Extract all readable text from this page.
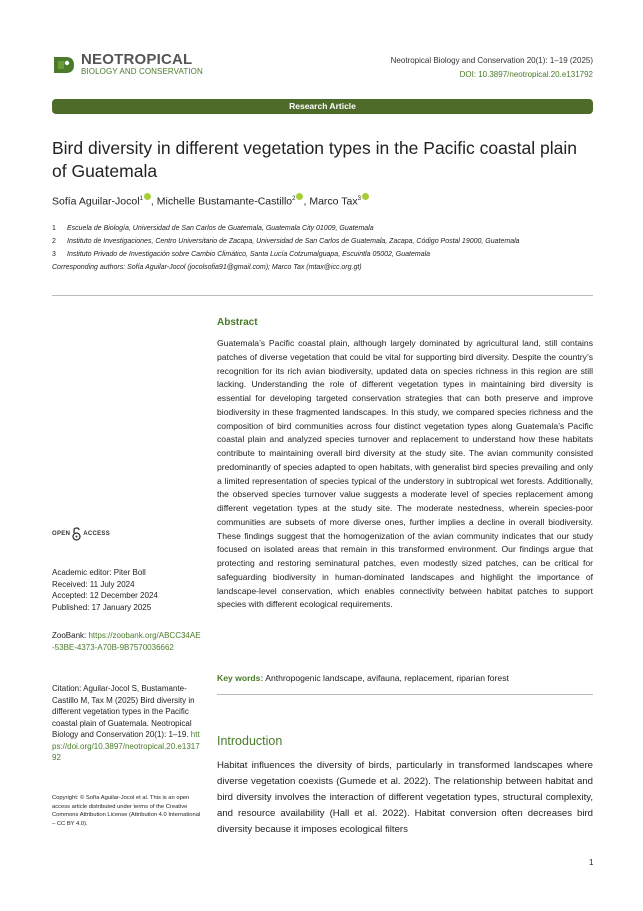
NEOTROPICAL
BIOLOGY AND CONSERVATION
Neotropical Biology and Conservation 20(1): 1–19 (2025)
DOI: 10.3897/neotropical.20.e131792
Research Article
Bird diversity in different vegetation types in the Pacific coastal plain of Guatemala
Sofía Aguilar-Jocol$^1$ , Michelle Bustamante-Castillo$^2$ , Marco Tax$^3$
1 Escuela de Biología, Universidad de San Carlos de Guatemala, Guatemala City 01009, Guatemala
2 Instituto de Investigaciones, Centro Universitario de Zacapa, Universidad de San Carlos de Guatemala, Zacapa, Código Postal 19000, Guatemala
3 Instituto Privado de Investigación sobre Cambio Climático, Santa Lucía Cotzumalguapa, Escuintla 05002, Guatemala
Corresponding authors: Sofía Aguilar-Jocol (jocolsofia91@gmail.com); Marco Tax (mtax@icc.org.gt)
OPEN ACCESS
Academic editor: Piter Boll
Received: 11 July 2024
Accepted: 12 December 2024
Published: 17 January 2025
ZooBank: https://zoobank.org/ABCC34AE-53BE-4373-A70B-9B7570036662
Citation: Aguilar-Jocol S, Bustamante-Castillo M, Tax M (2025) Bird diversity in different vegetation types in the Pacific coastal plain of Guatemala. Neotropical Biology and Conservation 20(1): 1–19. https://doi.org/10.3897/neotropical.20.e131792
Copyright: © Sofía Aguilar-Jocol et al. This is an open access article distributed under terms of the Creative Commons Attribution License (Attribution 4.0 International – CC BY 4.0).
Abstract
Guatemala’s Pacific coastal plain, although largely dominated by agricultural land, still contains patches of diverse vegetation that could be vital for supporting bird diversity. Despite the country’s recognition for its rich avian biodiversity, updated data on species richness in this region are still lacking. Understanding the role of different vegetation types in maintaining bird diversity is essential for developing targeted conservation strategies that can both preserve and improve biodiversity in these fragmented landscapes. In this study, we compared species richness and the composition of bird communities across four distinct vegetation types along Guatemala’s Pacific coastal plain and analyzed species turnover and replacement to understand how these habitats contribute to maintaining overall bird diversity at the study site. The avian community consisted predominantly of species adapted to open habitats, with generalist bird species prevailing and only a limited representation of species typical of the understory in subtropical wet forests. Additionally, the observed species turnover value suggests a moderate level of species replacement among different vegetation types at the study site. The moderate nestedness, wherein species-poor communities are subsets of more diverse ones, further implies a decline in overall biodiversity. These findings suggest that the homogenization of the avian community indicates that our study focused on isolated areas that remain in this transformed environment. Our findings argue that protecting and restoring seminatural patches, even modestly sized patches, can be critical for safeguarding biodiversity in human-dominated landscapes and highlight the importance of landscape-level conservation, which enables connectivity between habitat patches to support species with different ecological requirements.
Key words: Anthropogenic landscape, avifauna, replacement, riparian forest
Introduction
Habitat influences the diversity of birds, particularly in transformed landscapes where diverse vegetation coexists (Gumede et al. 2022). The relationship between habitat and bird diversity involves the interaction of different vegetation types, structural complexity, and resource availability (Hall et al. 2022). Habitat conversion often decreases bird diversity because it imposes ecological filters
1
